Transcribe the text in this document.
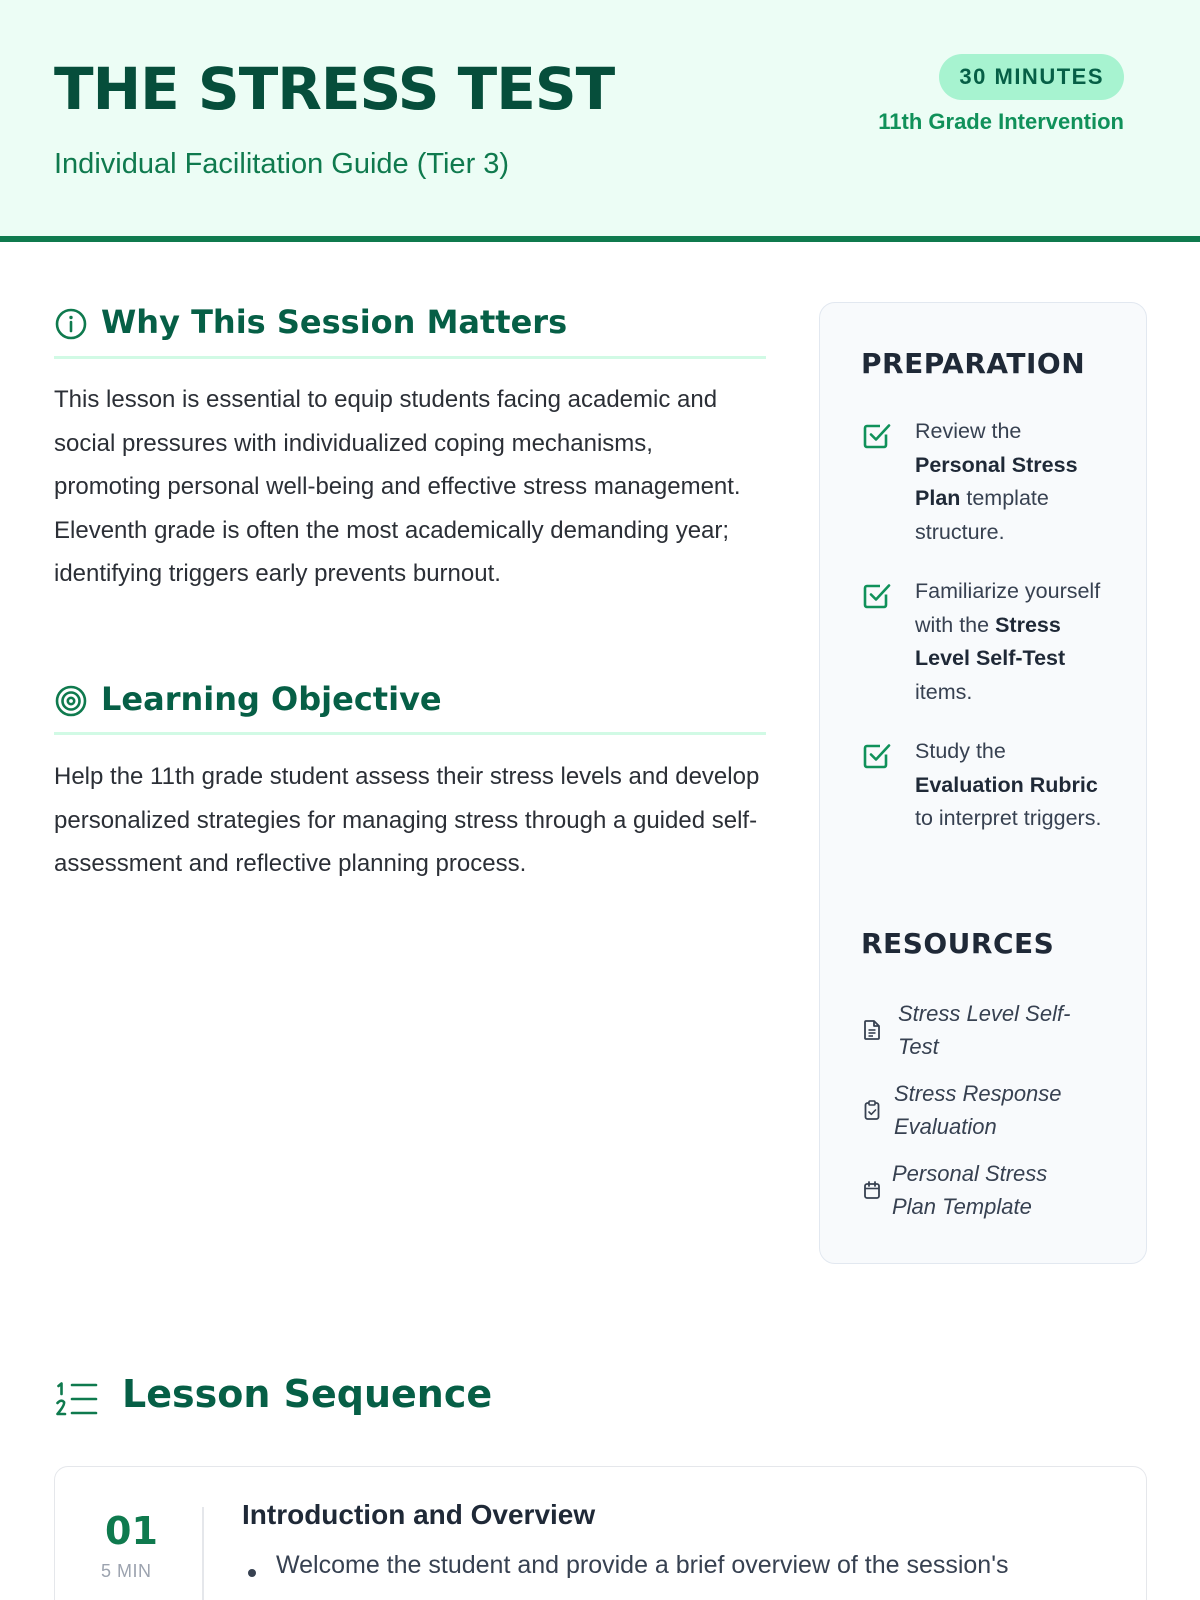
THE STRESS TEST
Individual Facilitation Guide (Tier 3)
30 MINUTES
11th Grade Intervention
Why This Session Matters
This lesson is essential to equip students facing academic and social pressures with individualized coping mechanisms, promoting personal well-being and effective stress management. Eleventh grade is often the most academically demanding year; identifying triggers early prevents burnout.
Learning Objective
Help the 11th grade student assess their stress levels and develop personalized strategies for managing stress through a guided self-assessment and reflective planning process.
PREPARATION
Review the Personal Stress Plan template structure.
Familiarize yourself with the Stress Level Self-Test items.
Study the Evaluation Rubric to interpret triggers.
RESOURCES
Stress Level Self-Test
Stress Response Evaluation
Personal Stress Plan Template
Lesson Sequence
01
5 MIN
Introduction and Overview
Welcome the student and provide a brief overview of the session's
